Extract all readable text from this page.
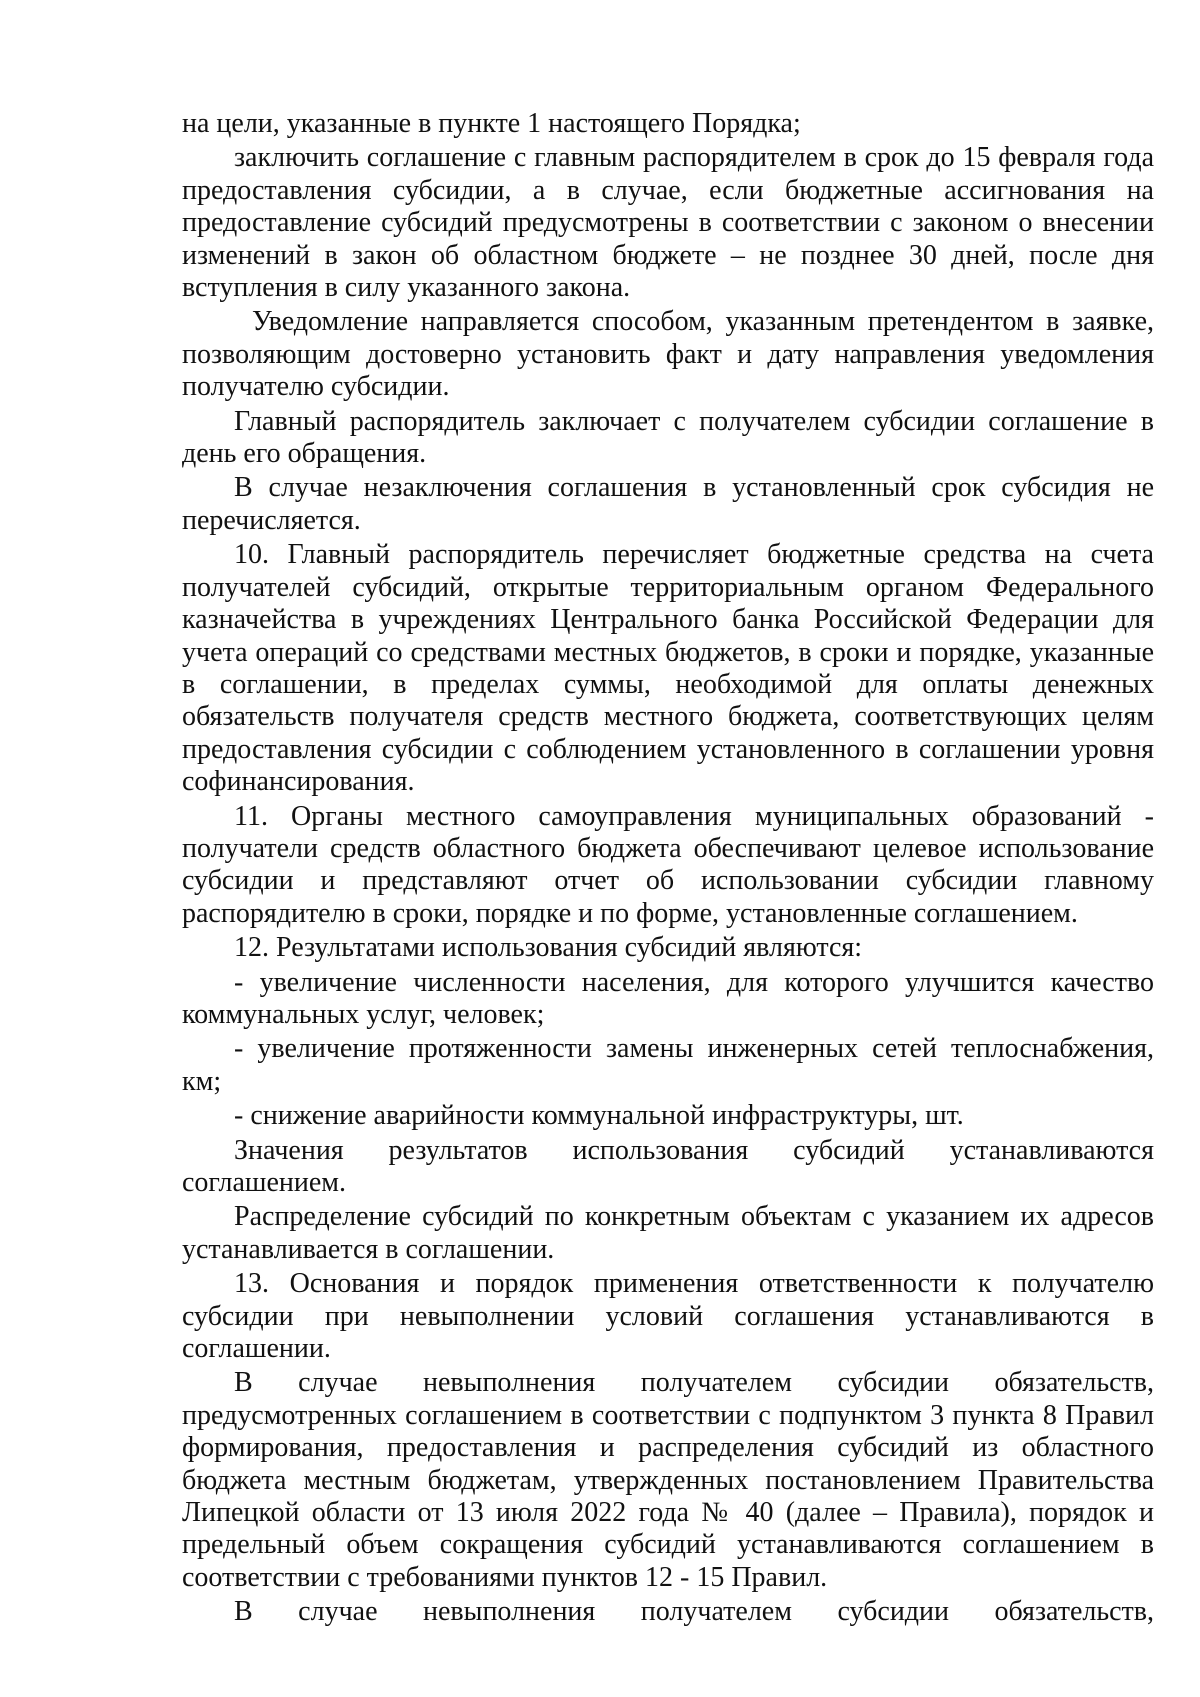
на цели, указанные в пункте 1 настоящего Порядка;

заключить соглашение с главным распорядителем в срок до 15 февраля года предоставления субсидии, а в случае, если бюджетные ассигнования на предоставление субсидий предусмотрены в соответствии с законом о внесении изменений в закон об областном бюджете – не позднее 30 дней, после дня вступления в силу указанного закона.

Уведомление направляется способом, указанным претендентом в заявке, позволяющим достоверно установить факт и дату направления уведомления получателю субсидии.

Главный распорядитель заключает с получателем субсидии соглашение в день его обращения.

В случае незаключения соглашения в установленный срок субсидия не перечисляется.

10. Главный распорядитель перечисляет бюджетные средства на счета получателей субсидий, открытые территориальным органом Федерального казначейства в учреждениях Центрального банка Российской Федерации для учета операций со средствами местных бюджетов, в сроки и порядке, указанные в соглашении, в пределах суммы, необходимой для оплаты денежных обязательств получателя средств местного бюджета, соответствующих целям предоставления субсидии с соблюдением установленного в соглашении уровня софинансирования.

11. Органы местного самоуправления муниципальных образований - получатели средств областного бюджета обеспечивают целевое использование субсидии и представляют отчет об использовании субсидии главному распорядителю в сроки, порядке и по форме, установленные соглашением.

12. Результатами использования субсидий являются:

- увеличение численности населения, для которого улучшится качество коммунальных услуг, человек;

- увеличение протяженности замены инженерных сетей теплоснабжения, км;

- снижение аварийности коммунальной инфраструктуры, шт.

Значения результатов использования субсидий устанавливаются соглашением.

Распределение субсидий по конкретным объектам с указанием их адресов устанавливается в соглашении.

13. Основания и порядок применения ответственности к получателю субсидии при невыполнении условий соглашения устанавливаются в соглашении.

В случае невыполнения получателем субсидии обязательств, предусмотренных соглашением в соответствии с подпунктом 3 пункта 8 Правил формирования, предоставления и распределения субсидий из областного бюджета местным бюджетам, утвержденных постановлением Правительства Липецкой области от 13 июля 2022 года № 40 (далее – Правила), порядок и предельный объем сокращения субсидий устанавливаются соглашением в соответствии с требованиями пунктов 12 - 15 Правил.

В случае невыполнения получателем субсидии обязательств,
